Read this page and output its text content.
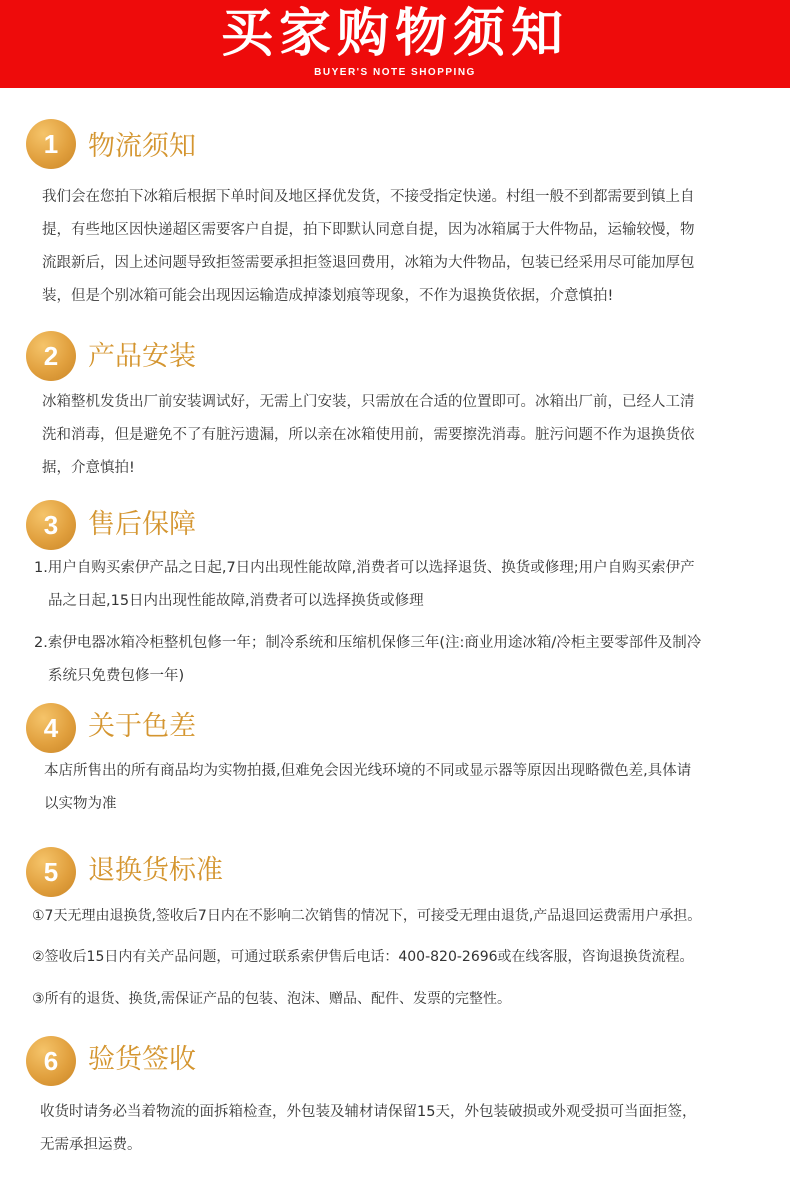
买家购物须知
BUYER'S NOTE SHOPPING
1	物流须知

我们会在您拍下冰箱后根据下单时间及地区择优发货，不接受指定快递。村组一般不到都需要到镇上自

提，有些地区因快递超区需要客户自提，拍下即默认同意自提，因为冰箱属于大件物品，运输较慢，物

流跟新后，因上述问题导致拒签需要承担拒签退回费用，冰箱为大件物品，包装已经采用尽可能加厚包

装，但是个别冰箱可能会出现因运输造成掉漆划痕等现象，不作为退换货依据，介意慎拍!

2	产品安装

冰箱整机发货出厂前安装调试好，无需上门安装，只需放在合适的位置即可。冰箱出厂前，已经人工清

洗和消毒，但是避免不了有脏污遗漏，所以亲在冰箱使用前，需要擦洗消毒。脏污问题不作为退换货依

据，介意慎拍!

3	售后保障

1.用户自购买索伊产品之日起,7日内出现性能故障,消费者可以选择退货、换货或修理;用户自购买索伊产

品之日起,15日内出现性能故障,消费者可以选择换货或修理

2.索伊电器冰箱冷柜整机包修一年；制冷系统和压缩机保修三年(注:商业用途冰箱/冷柜主要零部件及制冷

系统只免费包修一年)

4	关于色差

本店所售出的所有商品均为实物拍摄,但难免会因光线环境的不同或显示器等原因出现略微色差,具体请

以实物为准

5	退换货标准

①7天无理由退换货,签收后7日内在不影响二次销售的情况下，可接受无理由退货,产品退回运费需用户承担。

②签收后15日内有关产品问题，可通过联系索伊售后电话：400-820-2696或在线客服，咨询退换货流程。

③所有的退货、换货,需保证产品的包装、泡沫、赠品、配件、发票的完整性。

6	验货签收

收货时请务必当着物流的面拆箱检查，外包装及辅材请保留15天，外包装破损或外观受损可当面拒签，

无需承担运费。
